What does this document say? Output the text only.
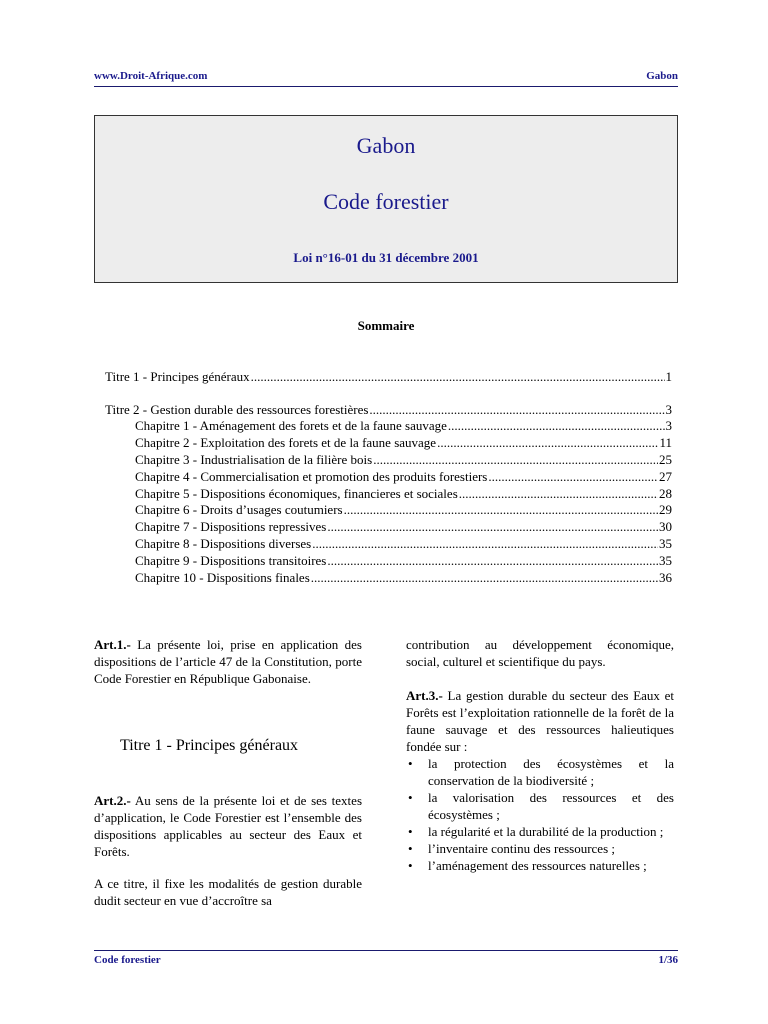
www.Droit-Afrique.com	Gabon
Gabon
Code forestier
Loi n°16-01 du 31 décembre 2001
Sommaire
Titre 1 - Principes généraux .....	1
Titre 2 - Gestion durable des ressources forestières .....	3
Chapitre 1 - Aménagement des forets et de la faune sauvage .....	3
Chapitre 2 - Exploitation des forets et de la faune sauvage .....	11
Chapitre 3 - Industrialisation de la filière bois .....	25
Chapitre 4 - Commercialisation et promotion des produits forestiers .....	27
Chapitre 5 - Dispositions économiques, financieres et sociales .....	28
Chapitre 6 - Droits d’usages coutumiers .....	29
Chapitre 7 - Dispositions repressives .....	30
Chapitre 8 - Dispositions diverses .....	35
Chapitre 9 - Dispositions transitoires .....	35
Chapitre 10 - Dispositions finales .....	36

Art.1.- La présente loi, prise en application des dispositions de l’article 47 de la Constitution, porte Code Forestier en République Gabonaise.

Titre 1 - Principes généraux

Art.2.- Au sens de la présente loi et de ses textes d’application, le Code Forestier est l’ensemble des dispositions applicables au secteur des Eaux et Forêts.

A ce titre, il fixe les modalités de gestion durable dudit secteur en vue d’accroître sa

contribution au développement économique, social, culturel et scientifique du pays.

Art.3.- La gestion durable du secteur des Eaux et Forêts est l’exploitation rationnelle de la forêt de la faune sauvage et des ressources halieutiques fondée sur :

• la protection des écosystèmes et la conservation de la biodiversité ;
• la valorisation des ressources et des écosystèmes ;
• la régularité et la durabilité de la production ;
• l’inventaire continu des ressources ;
• l’aménagement des ressources naturelles ;
Code forestier	1/36
